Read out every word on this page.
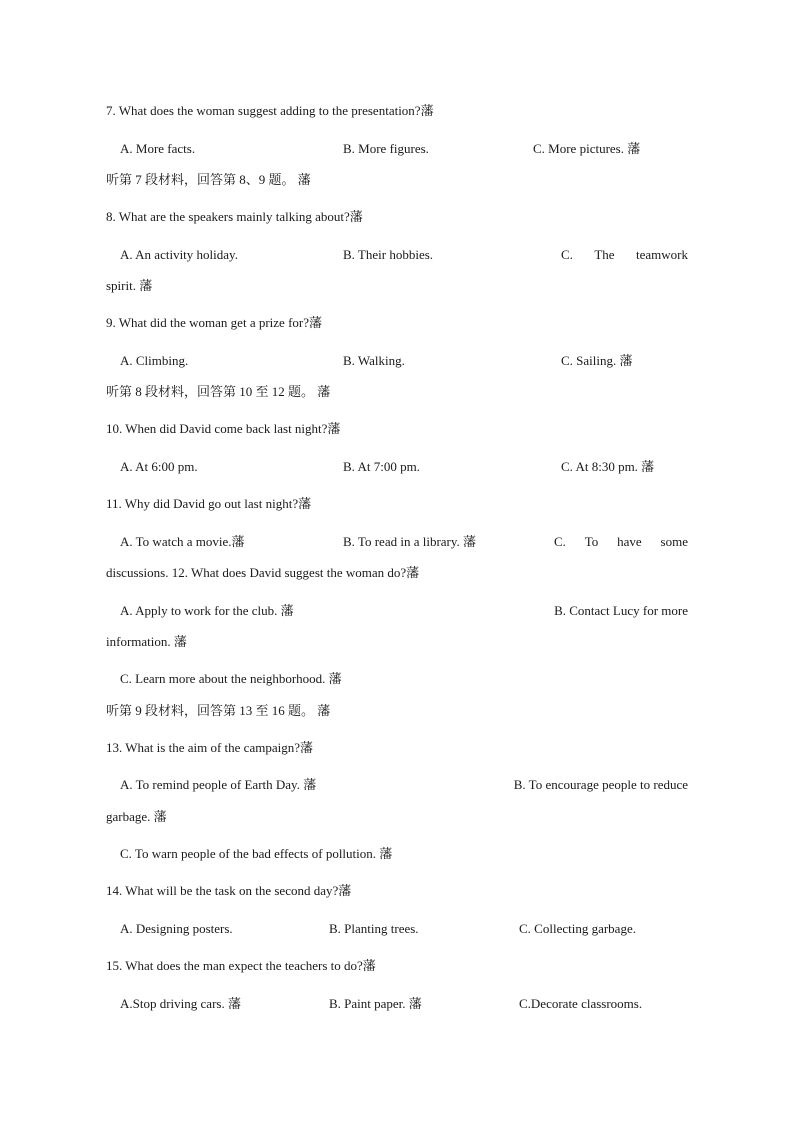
7. What does the woman suggest adding to the presentation?藩
A. More facts.	B. More figures.	C. More pictures. 藩
听第 7 段材料，回答第 8、9 题。 藩
8. What are the speakers mainly talking about?藩
A. An activity holiday.	B. Their hobbies.	C. The teamwork
spirit. 藩
9. What did the woman get a prize for?藩
A. Climbing.	B. Walking.	C. Sailing. 藩
听第 8 段材料，回答第 10 至 12 题。 藩
10. When did David come back last night?藩
A. At 6:00 pm.	B. At 7:00 pm.	C. At 8:30 pm. 藩
11. Why did David go out last night?藩
A. To watch a movie.藩	B. To read in a library. 藩	C. To have some
discussions. 12. What does David suggest the woman do?藩
A. Apply to work for the club. 藩	B. Contact Lucy for more
information. 藩
C. Learn more about the neighborhood. 藩
听第 9 段材料，回答第 13 至 16 题。 藩
13. What is the aim of the campaign?藩
A. To remind people of Earth Day. 藩	B. To encourage people to reduce
garbage. 藩
C. To warn people of the bad effects of pollution. 藩
14. What will be the task on the second day?藩
A. Designing posters.	B. Planting trees.	C. Collecting garbage.
15. What does the man expect the teachers to do?藩
A.Stop driving cars. 藩	B. Paint paper. 藩	C.Decorate classrooms.
